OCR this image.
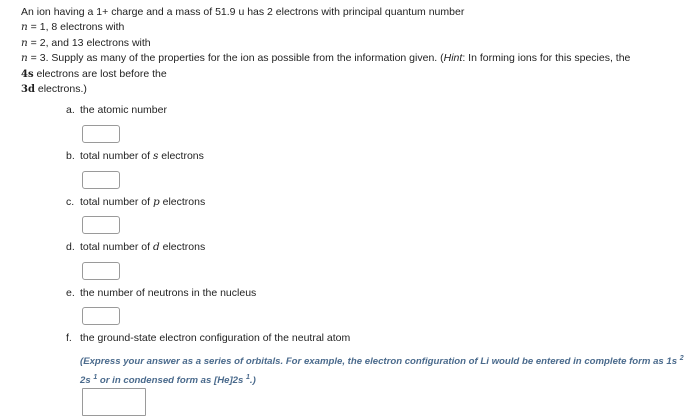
An ion having a 1+ charge and a mass of 51.9 u has 2 electrons with principal quantum number

n = 1, 8 electrons with

n = 2, and 13 electrons with

n = 3. Supply as many of the properties for the ion as possible from the information given. (Hint: In forming ions for this species, the

4s electrons are lost before the

3d electrons.)

a. the atomic number
b. total number of s electrons
c. total number of p electrons
d. total number of d electrons
e. the number of neutrons in the nucleus
f. the ground-state electron configuration of the neutral atom
(Express your answer as a series of orbitals. For example, the electron configuration of Li would be entered in complete form as 1s $^2$ 2s $^1$ or in condensed form as [He]2s $^1$.)
